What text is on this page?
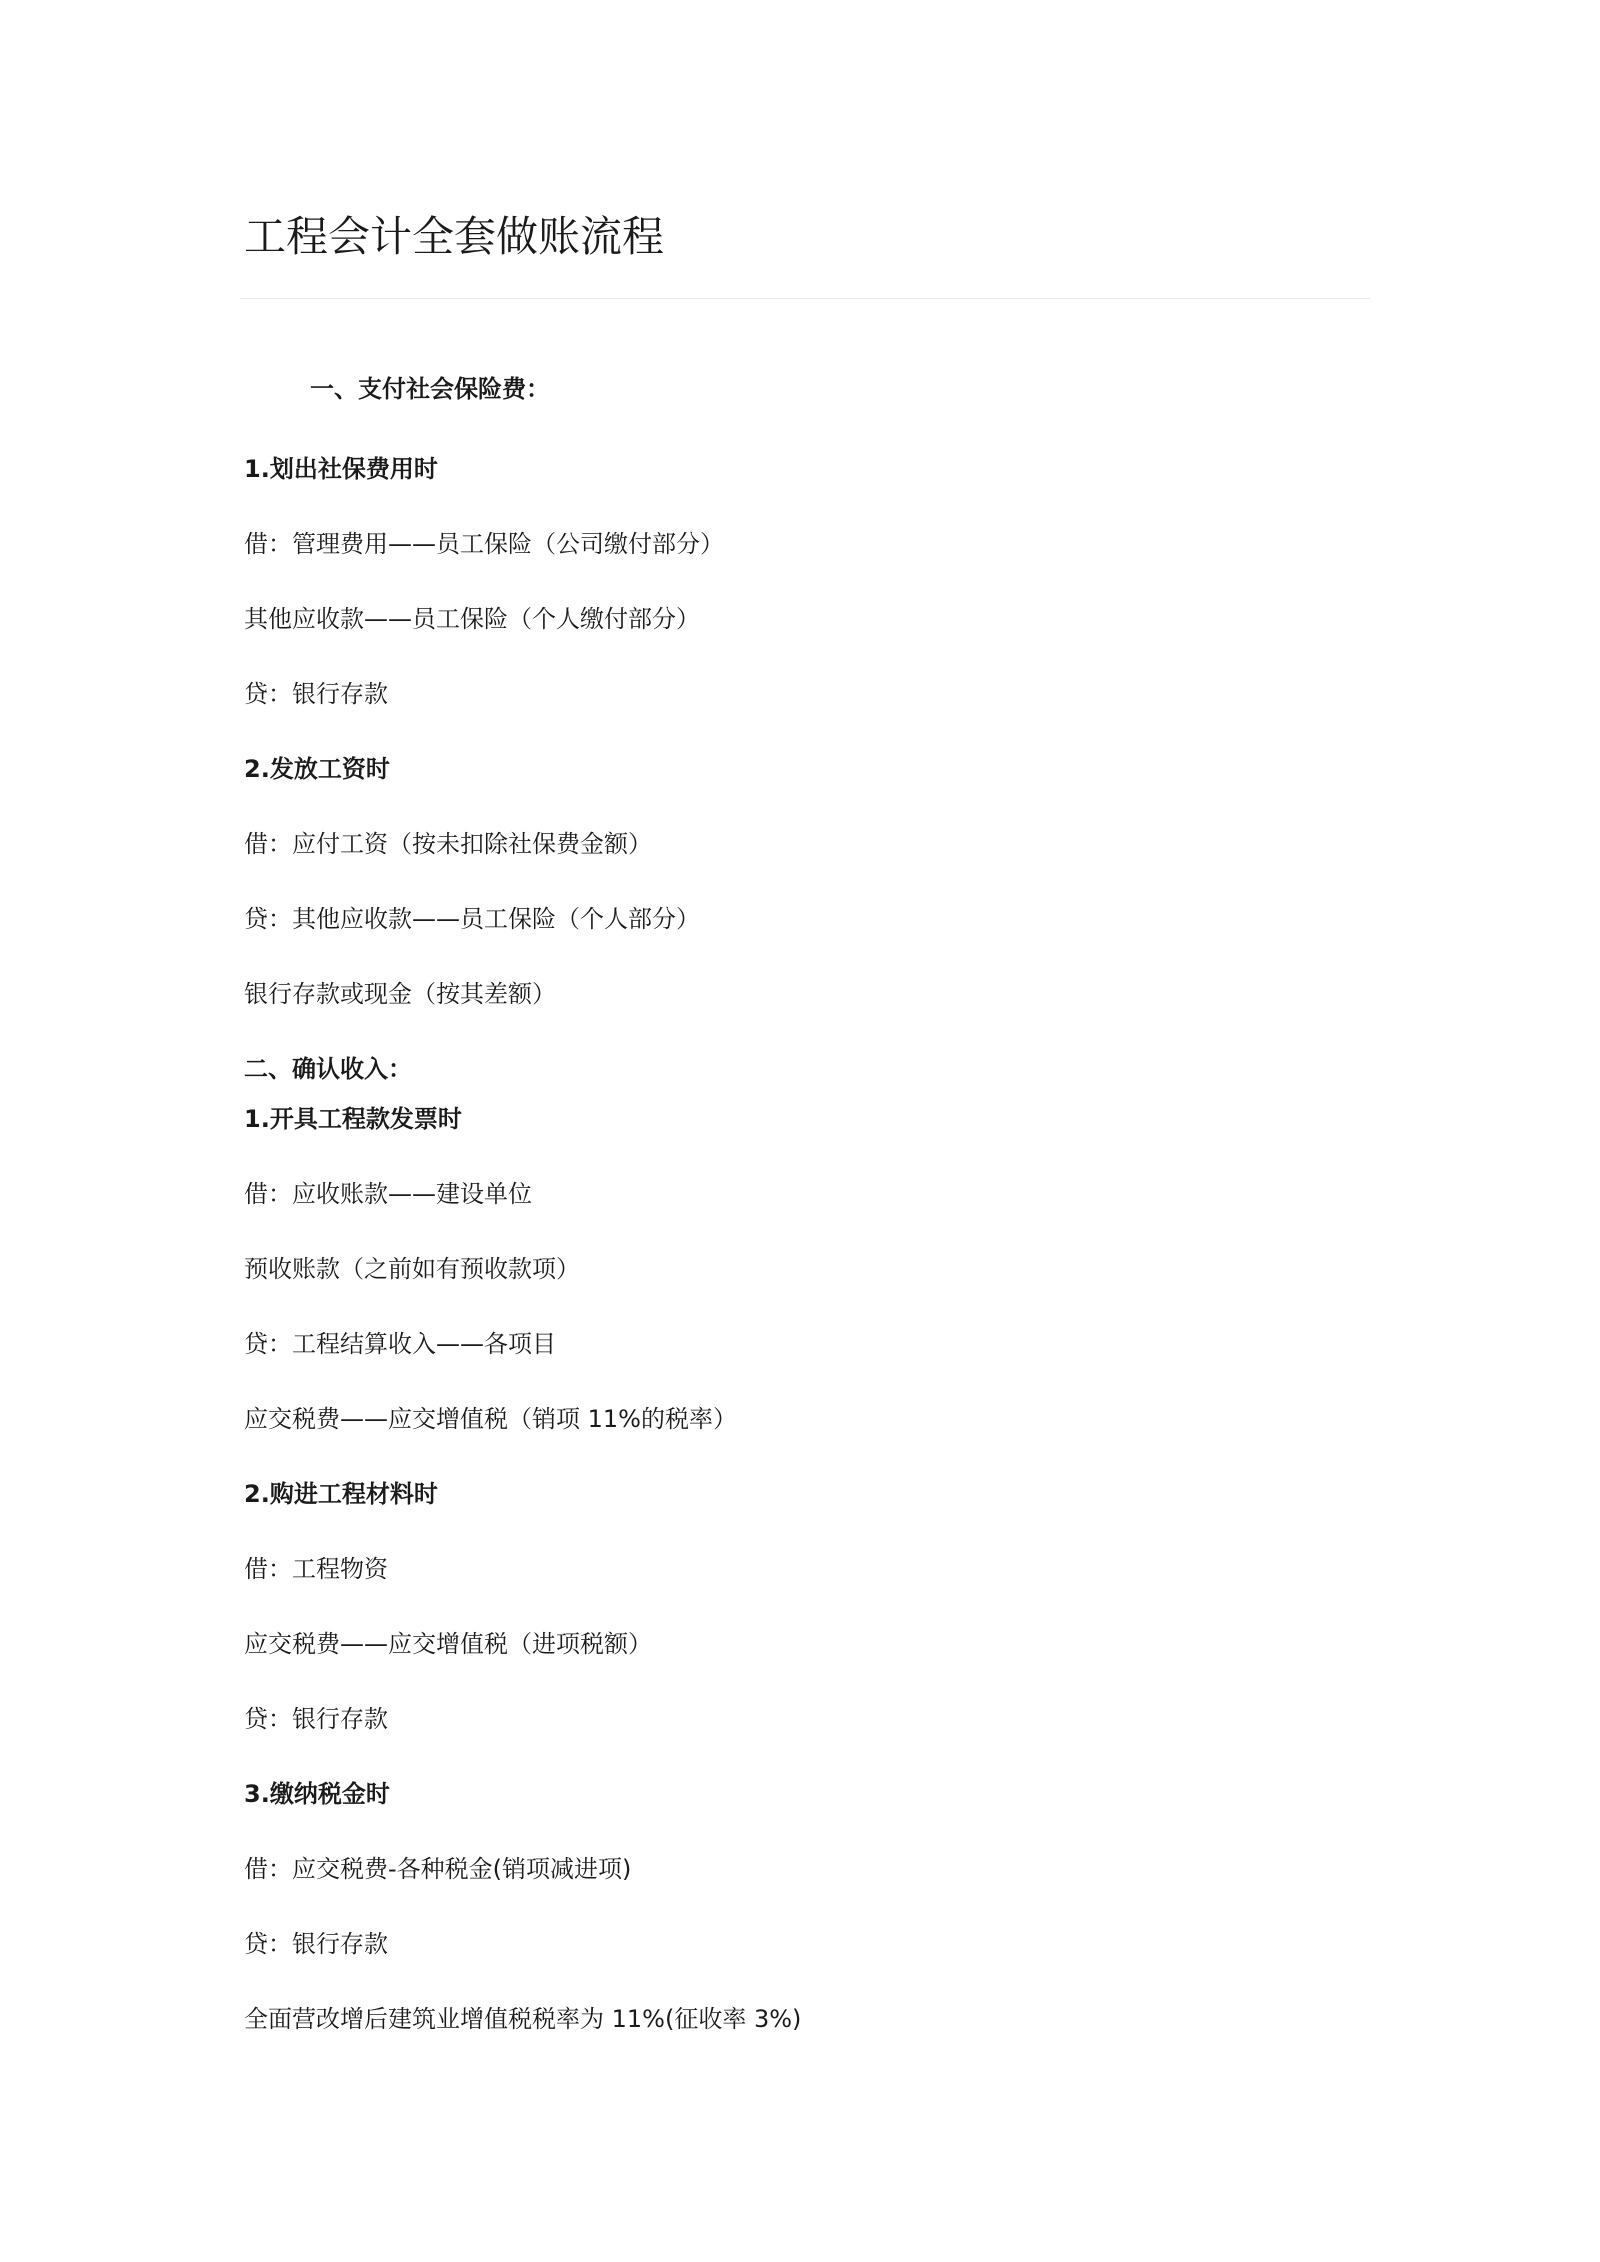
工程会计全套做账流程

一、支付社会保险费：

1.划出社保费用时

借：管理费用——员工保险（公司缴付部分）

其他应收款——员工保险（个人缴付部分）

贷：银行存款

2.发放工资时

借：应付工资（按未扣除社保费金额）

贷：其他应收款——员工保险（个人部分）

银行存款或现金（按其差额）

二、确认收入：

1.开具工程款发票时

借：应收账款——建设单位

预收账款（之前如有预收款项）

贷：工程结算收入——各项目

应交税费——应交增值税（销项 11%的税率）

2.购进工程材料时

借：工程物资

应交税费——应交增值税（进项税额）

贷：银行存款

3.缴纳税金时

借：应交税费-各种税金(销项减进项)

贷：银行存款

全面营改增后建筑业增值税税率为 11%(征收率 3%)
